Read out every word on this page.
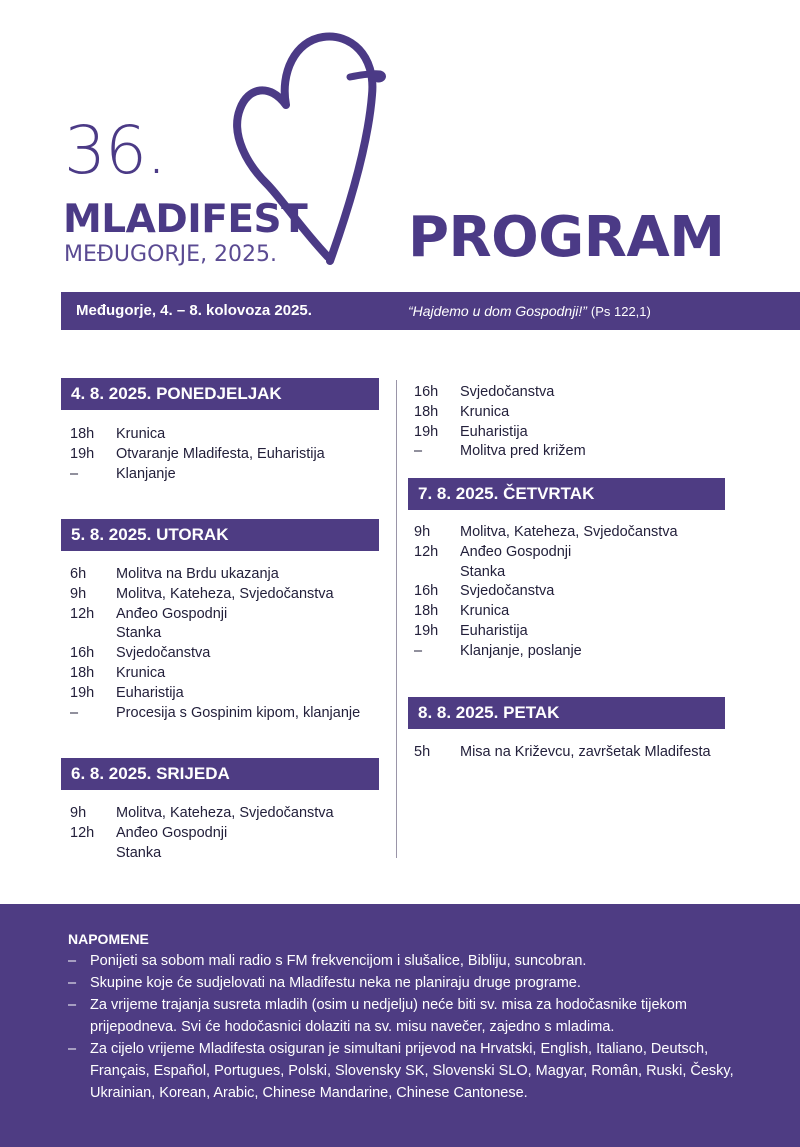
36.
MLADIFEST
MEĐUGORJE, 2025. PROGRAM
Međugorje, 4. – 8. kolovoza 2025.	“Hajdemo u dom Gospodnji!” (Ps 122,1)
4. 8. 2025. PONEDJELJAK
18h	Krunica
19h	Otvaranje Mladifesta, Euharistija
–	Klanjanje
5. 8. 2025. UTORAK
6h	Molitva na Brdu ukazanja
9h	Molitva, Kateheza, Svjedočanstva
12h	Anđeo Gospodnji
Stanka
16h	Svjedočanstva
18h	Krunica
19h	Euharistija
–	Procesija s Gospinim kipom, klanjanje
6. 8. 2025. SRIJEDA
9h	Molitva, Kateheza, Svjedočanstva
12h	Anđeo Gospodnji
Stanka
16h	Svjedočanstva
18h	Krunica
19h	Euharistija
–	Molitva pred križem
7. 8. 2025. ČETVRTAK
9h	Molitva, Kateheza, Svjedočanstva
12h	Anđeo Gospodnji
Stanka
16h	Svjedočanstva
18h	Krunica
19h	Euharistija
–	Klanjanje, poslanje
8. 8. 2025. PETAK
5h	Misa na Križevcu, završetak Mladifesta
NAPOMENE
– Ponijeti sa sobom mali radio s FM frekvencijom i slušalice, Bibliju, suncobran.
– Skupine koje će sudjelovati na Mladifestu neka ne planiraju druge programe.
– Za vrijeme trajanja susreta mladih (osim u nedjelju) neće biti sv. misa za hodočasnike tijekom prijepodneva. Svi će hodočasnici dolaziti na sv. misu navečer, zajedno s mladima.
– Za cijelo vrijeme Mladifesta osiguran je simultani prijevod na Hrvatski, English, Italiano, Deutsch, Français, Español, Portugues, Polski, Slovensky SK, Slovenski SLO, Magyar, Român, Ruski, Česky, Ukrainian, Korean, Arabic, Chinese Mandarine, Chinese Cantonese.
